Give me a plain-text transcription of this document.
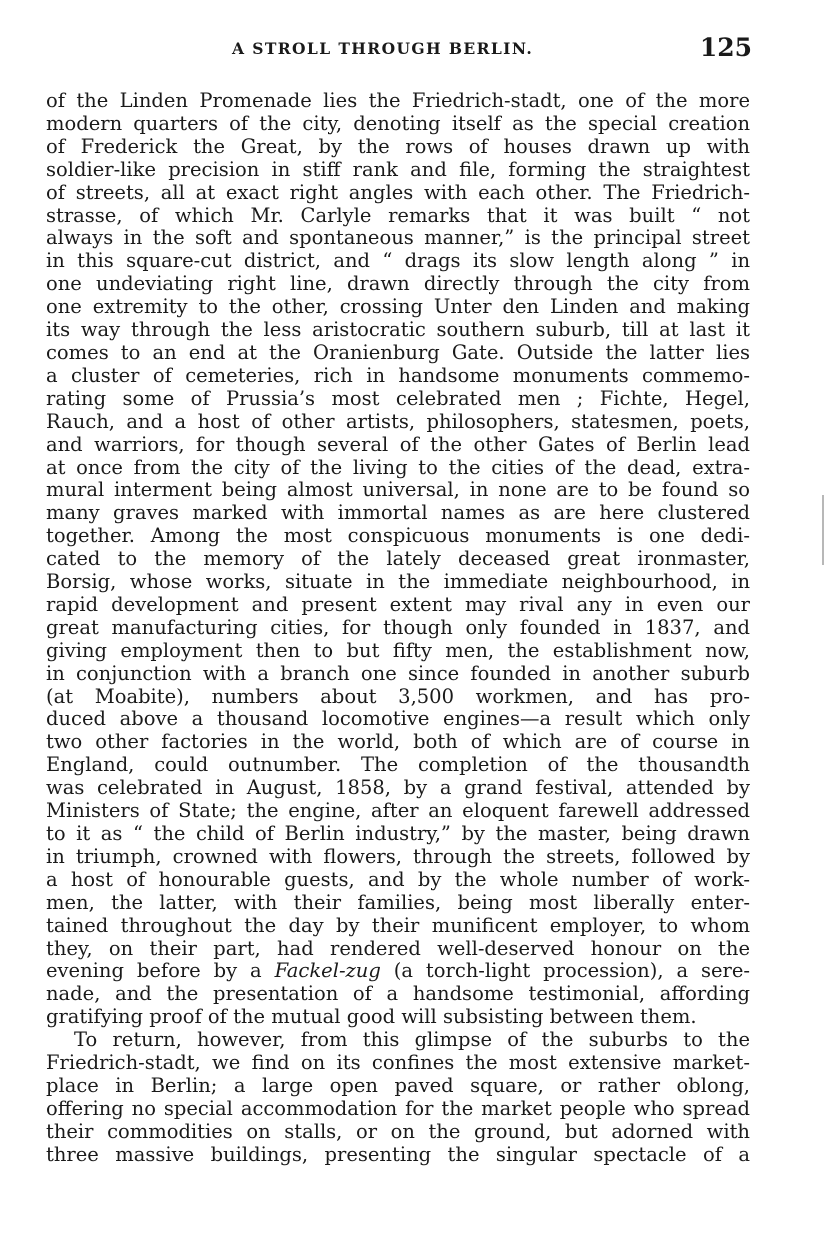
A STROLL THROUGH BERLIN.	125
of the Linden Promenade lies the Friedrich-stadt, one of the more
modern quarters of the city, denoting itself as the special creation
of Frederick the Great, by the rows of houses drawn up with
soldier-like precision in stiff rank and file, forming the straightest
of streets, all at exact right angles with each other. The Friedrich-
strasse, of which Mr. Carlyle remarks that it was built “ not
always in the soft and spontaneous manner,” is the principal street
in this square-cut district, and “ drags its slow length along ” in
one undeviating right line, drawn directly through the city from
one extremity to the other, crossing Unter den Linden and making
its way through the less aristocratic southern suburb, till at last it
comes to an end at the Oranienburg Gate. Outside the latter lies
a cluster of cemeteries, rich in handsome monuments commemo-
rating some of Prussia’s most celebrated men ; Fichte, Hegel,
Rauch, and a host of other artists, philosophers, statesmen, poets,
and warriors, for though several of the other Gates of Berlin lead
at once from the city of the living to the cities of the dead, extra-
mural interment being almost universal, in none are to be found so
many graves marked with immortal names as are here clustered
together. Among the most conspicuous monuments is one dedi-
cated to the memory of the lately deceased great ironmaster,
Borsig, whose works, situate in the immediate neighbourhood, in
rapid development and present extent may rival any in even our
great manufacturing cities, for though only founded in 1837, and
giving employment then to but fifty men, the establishment now,
in conjunction with a branch one since founded in another suburb
(at Moabite), numbers about 3,500 workmen, and has pro-
duced above a thousand locomotive engines—a result which only
two other factories in the world, both of which are of course in
England, could outnumber. The completion of the thousandth
was celebrated in August, 1858, by a grand festival, attended by
Ministers of State; the engine, after an eloquent farewell addressed
to it as “ the child of Berlin industry,” by the master, being drawn
in triumph, crowned with flowers, through the streets, followed by
a host of honourable guests, and by the whole number of work-
men, the latter, with their families, being most liberally enter-
tained throughout the day by their munificent employer, to whom
they, on their part, had rendered well-deserved honour on the
evening before by a Fackel-zug (a torch-light procession), a sere-
nade, and the presentation of a handsome testimonial, affording
gratifying proof of the mutual good will subsisting between them.
To return, however, from this glimpse of the suburbs to the
Friedrich-stadt, we find on its confines the most extensive market-
place in Berlin; a large open paved square, or rather oblong,
offering no special accommodation for the market people who spread
their commodities on stalls, or on the ground, but adorned with
three massive buildings, presenting the singular spectacle of a
